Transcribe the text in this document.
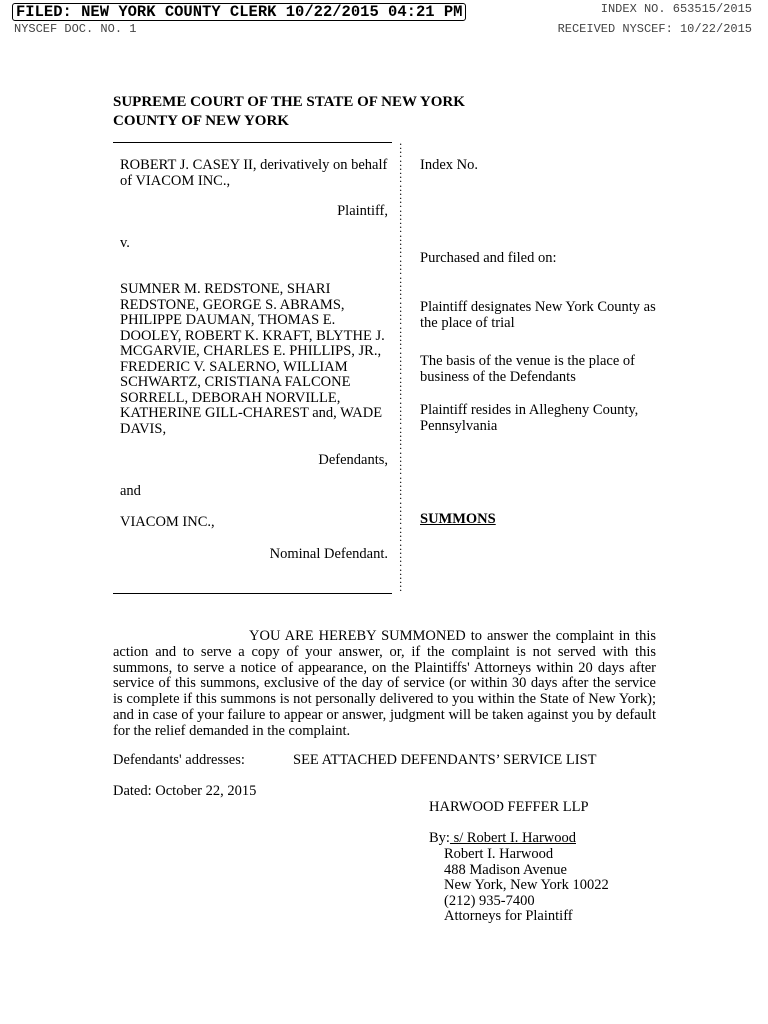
FILED: NEW YORK COUNTY CLERK 10/22/2015 04:21 PM
NYSCEF DOC. NO. 1
INDEX NO. 653515/2015
RECEIVED NYSCEF: 10/22/2015
SUPREME COURT OF THE STATE OF NEW YORK
COUNTY OF NEW YORK
:
:
:
:
:
:
:
:
:
:
:
:
:
:
:
:
:
:
:
:
:
:
:
:
:
:
:
:
:
:
:
:
:
:
:
:
:
:
:
:
:
:
:
:
:
:
:
:
:
:
:
:
:
:
ROBERT J. CASEY II, derivatively on behalf of VIACOM INC.,
Plaintiff,
v.
SUMNER M. REDSTONE, SHARI REDSTONE, GEORGE S. ABRAMS, PHILIPPE DAUMAN, THOMAS E. DOOLEY, ROBERT K. KRAFT, BLYTHE J. MCGARVIE, CHARLES E. PHILLIPS, JR., FREDERIC V. SALERNO, WILLIAM SCHWARTZ, CRISTIANA FALCONE SORRELL, DEBORAH NORVILLE, KATHERINE GILL-CHAREST and, WADE DAVIS,
Defendants,
and
VIACOM INC.,
Nominal Defendant.
Index No.
Purchased and filed on:
Plaintiff designates New York County as the place of trial
The basis of the venue is the place of business of the Defendants
Plaintiff resides in Allegheny County, Pennsylvania
SUMMONS
YOU ARE HEREBY SUMMONED to answer the complaint in this action and to serve a copy of your answer, or, if the complaint is not served with this summons, to serve a notice of appearance, on the Plaintiffs' Attorneys within 20 days after service of this summons, exclusive of the day of service (or within 30 days after the service is complete if this summons is not personally delivered to you within the State of New York); and in case of your failure to appear or answer, judgment will be taken against you by default for the relief demanded in the complaint.
Defendants' addresses:	SEE ATTACHED DEFENDANTS’ SERVICE LIST
Dated: October 22, 2015
HARWOOD FEFFER LLP
By: s/ Robert I. Harwood
Robert I. Harwood
488 Madison Avenue
New York, New York 10022
(212) 935-7400
Attorneys for Plaintiff
